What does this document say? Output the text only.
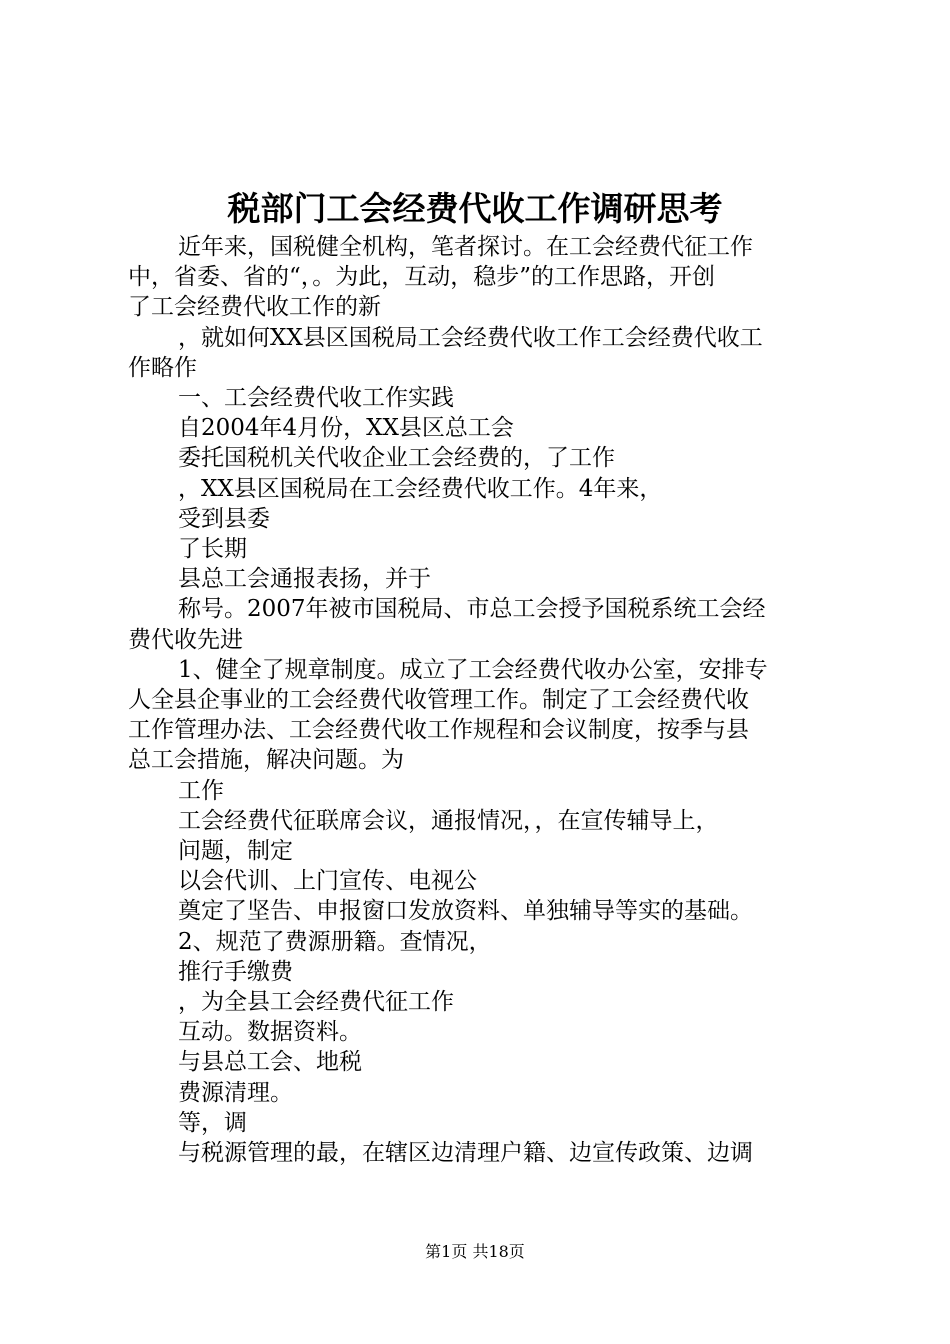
税部门工会经费代收工作调研思考

近年来，国税健全机构，笔者探讨。在工会经费代征工作
中，省委、省的“，。为此，互动，稳步”的工作思路，开创
了工会经费代收工作的新

，就如何XX县区国税局工会经费代收工作工会经费代收工
作略作

一、工会经费代收工作实践

自2004年4月份，XX县区总工会

委托国税机关代收企业工会经费的，了工作

，XX县区国税局在工会经费代收工作。4年来，

受到县委

了长期

县总工会通报表扬，并于

称号。2007年被市国税局、市总工会授予国税系统工会经
费代收先进

1、健全了规章制度。成立了工会经费代收办公室，安排专
人全县企事业的工会经费代收管理工作。制定了工会经费代收
工作管理办法、工会经费代收工作规程和会议制度，按季与县
总工会措施，解决问题。为

工作

工会经费代征联席会议，通报情况，，在宣传辅导上，

问题，制定

以会代训、上门宣传、电视公

奠定了坚告、申报窗口发放资料、单独辅导等实的基础。

2、规范了费源册籍。查情况，

推行手缴费

，为全县工会经费代征工作

互动。数据资料。

与县总工会、地税

费源清理。

等，调

与税源管理的最，在辖区边清理户籍、边宣传政策、边调

第1页 共18页
